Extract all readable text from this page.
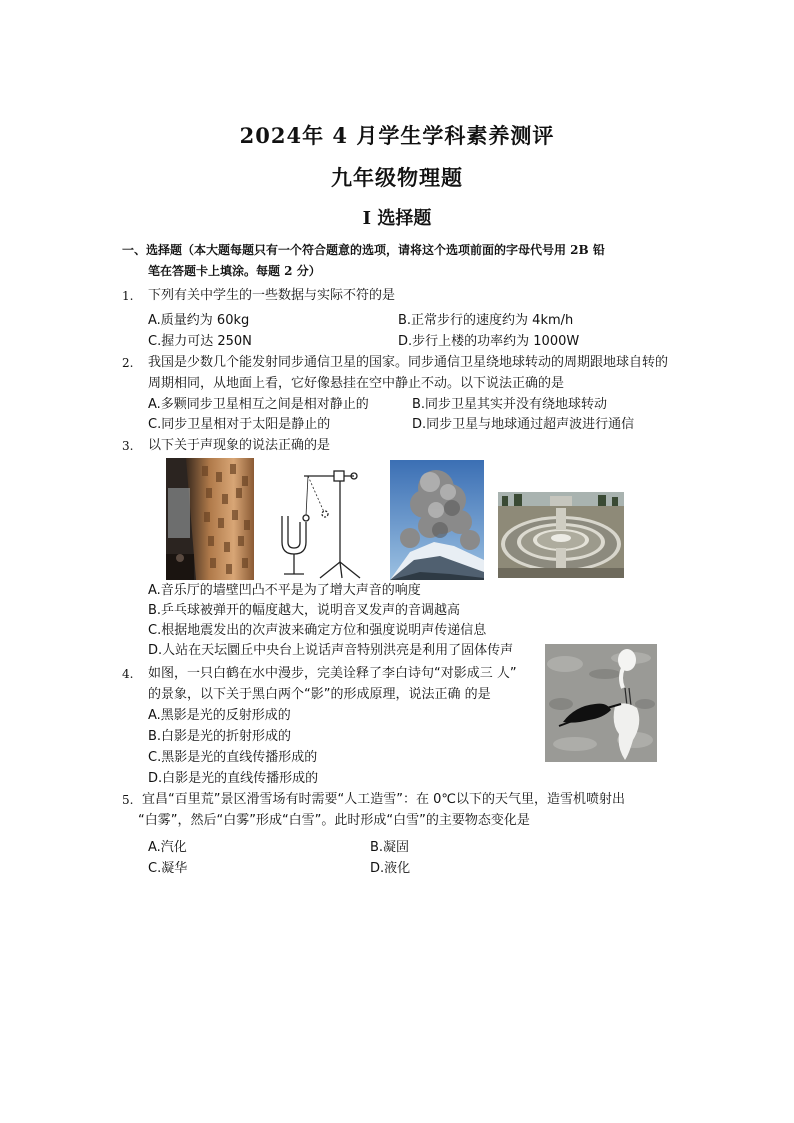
2024年 4 月学生学科素养测评
九年级物理题
I 选择题
一、选择题（本大题每题只有一个符合题意的选项，请将这个选项前面的字母代号用 2B 铅
笔在答题卡上填涂。每题 2 分）
1. 下列有关中学生的一些数据与实际不符的是
A.质量约为 60kg	B.正常步行的速度约为 4km/h
C.握力可达 250N	D.步行上楼的功率约为 1000W
2. 我国是少数几个能发射同步通信卫星的国家。同步通信卫星绕地球转动的周期跟地球自转的
周期相同，从地面上看，它好像悬挂在空中静止不动。以下说法正确的是
A.多颗同步卫星相互之间是相对静止的	B.同步卫星其实并没有绕地球转动
C.同步卫星相对于太阳是静止的	D.同步卫星与地球通过超声波进行通信
3. 以下关于声现象的说法正确的是
A.音乐厅的墙壁凹凸不平是为了增大声音的响度
B.乒乓球被弹开的幅度越大，说明音叉发声的音调越高
C.根据地震发出的次声波来确定方位和强度说明声传递信息
D.人站在天坛圜丘中央台上说话声音特别洪亮是利用了固体传声
4. 如图，一只白鹤在水中漫步，完美诠释了李白诗句“对影成三 人”
的景象，以下关于黑白两个“影”的形成原理，说法正确 的是
A.黑影是光的反射形成的
B.白影是光的折射形成的
C.黑影是光的直线传播形成的
D.白影是光的直线传播形成的
5. 宜昌“百里荒”景区滑雪场有时需要“人工造雪”：在 0℃以下的天气里，造雪机喷射出
“白雾”，然后“白雾”形成“白雪”。此时形成“白雪”的主要物态变化是
A.汽化	B.凝固
C.凝华	D.液化
